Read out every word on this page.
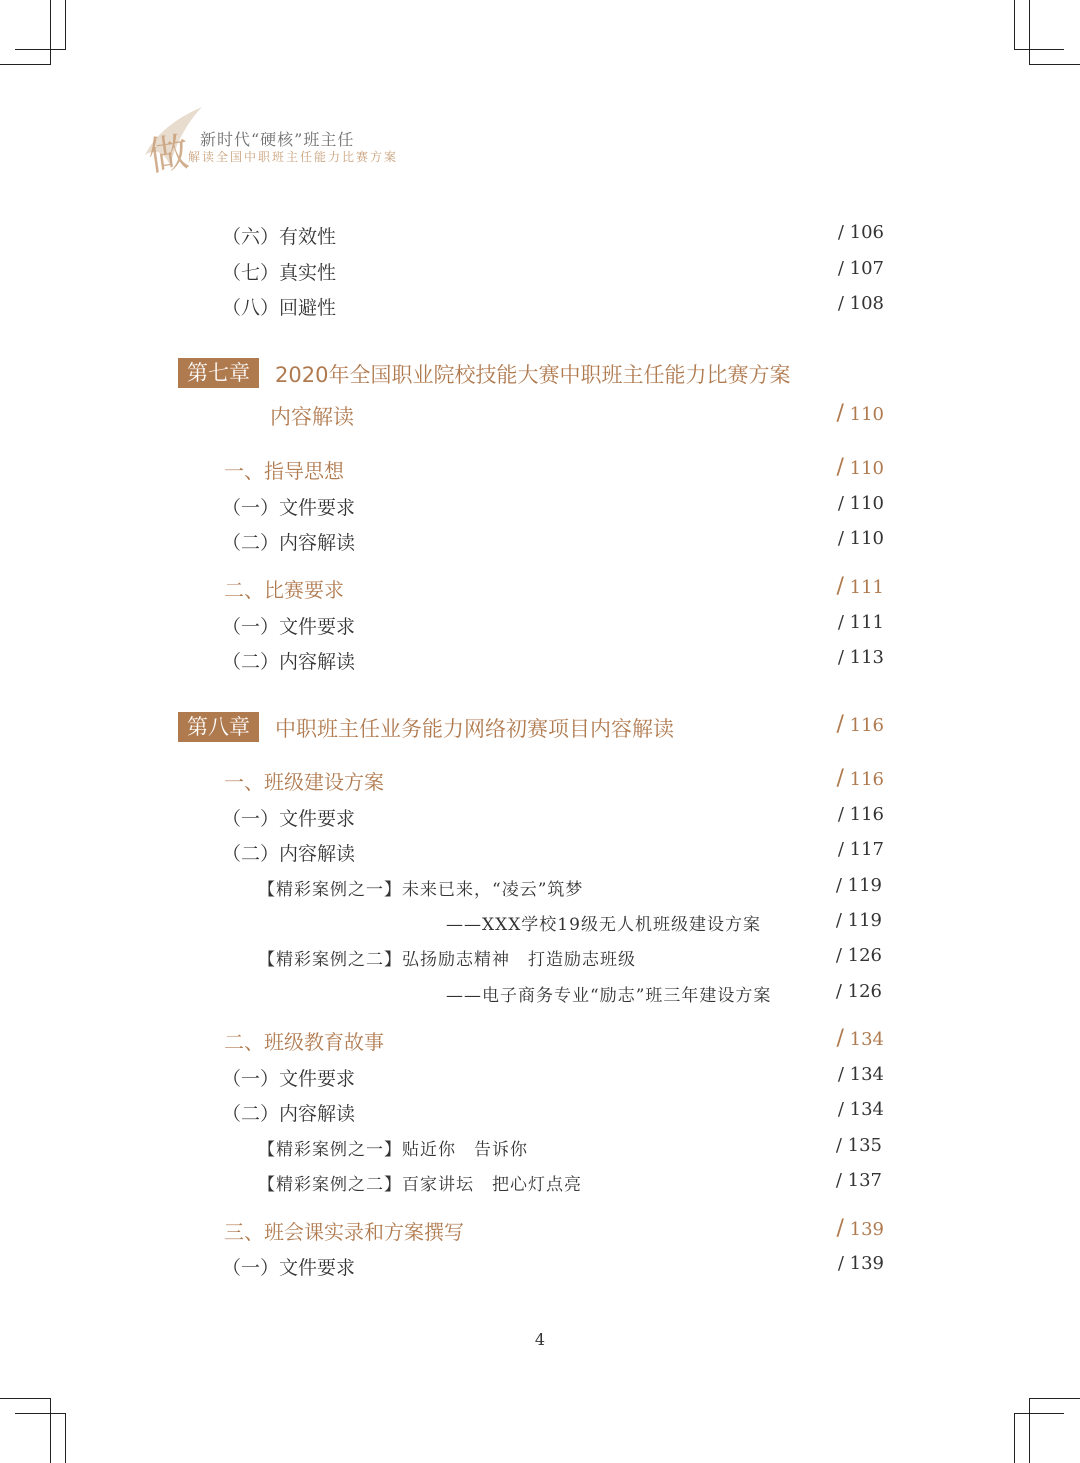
做 新时代“硬核”班主任
解读全国中职班主任能力比赛方案
（六）有效性	/ 106
（七）真实性	/ 107
（八）回避性	/ 108
第七章	2020年全国职业院校技能大赛中职班主任能力比赛方案
内容解读	/ 110
一、指导思想	/ 110
（一）文件要求	/ 110
（二）内容解读	/ 110
二、比赛要求	/ 111
（一）文件要求	/ 111
（二）内容解读	/ 113
第八章	中职班主任业务能力网络初赛项目内容解读	/ 116
一、班级建设方案	/ 116
（一）文件要求	/ 116
（二）内容解读	/ 117
【精彩案例之一】未来已来，“凌云”筑梦	/ 119
——XXX学校19级无人机班级建设方案	/ 119
【精彩案例之二】弘扬励志精神　打造励志班级	/ 126
——电子商务专业“励志”班三年建设方案	/ 126
二、班级教育故事	/ 134
（一）文件要求	/ 134
（二）内容解读	/ 134
【精彩案例之一】贴近你　告诉你	/ 135
【精彩案例之二】百家讲坛　把心灯点亮	/ 137
三、班会课实录和方案撰写	/ 139
（一）文件要求	/ 139
4
